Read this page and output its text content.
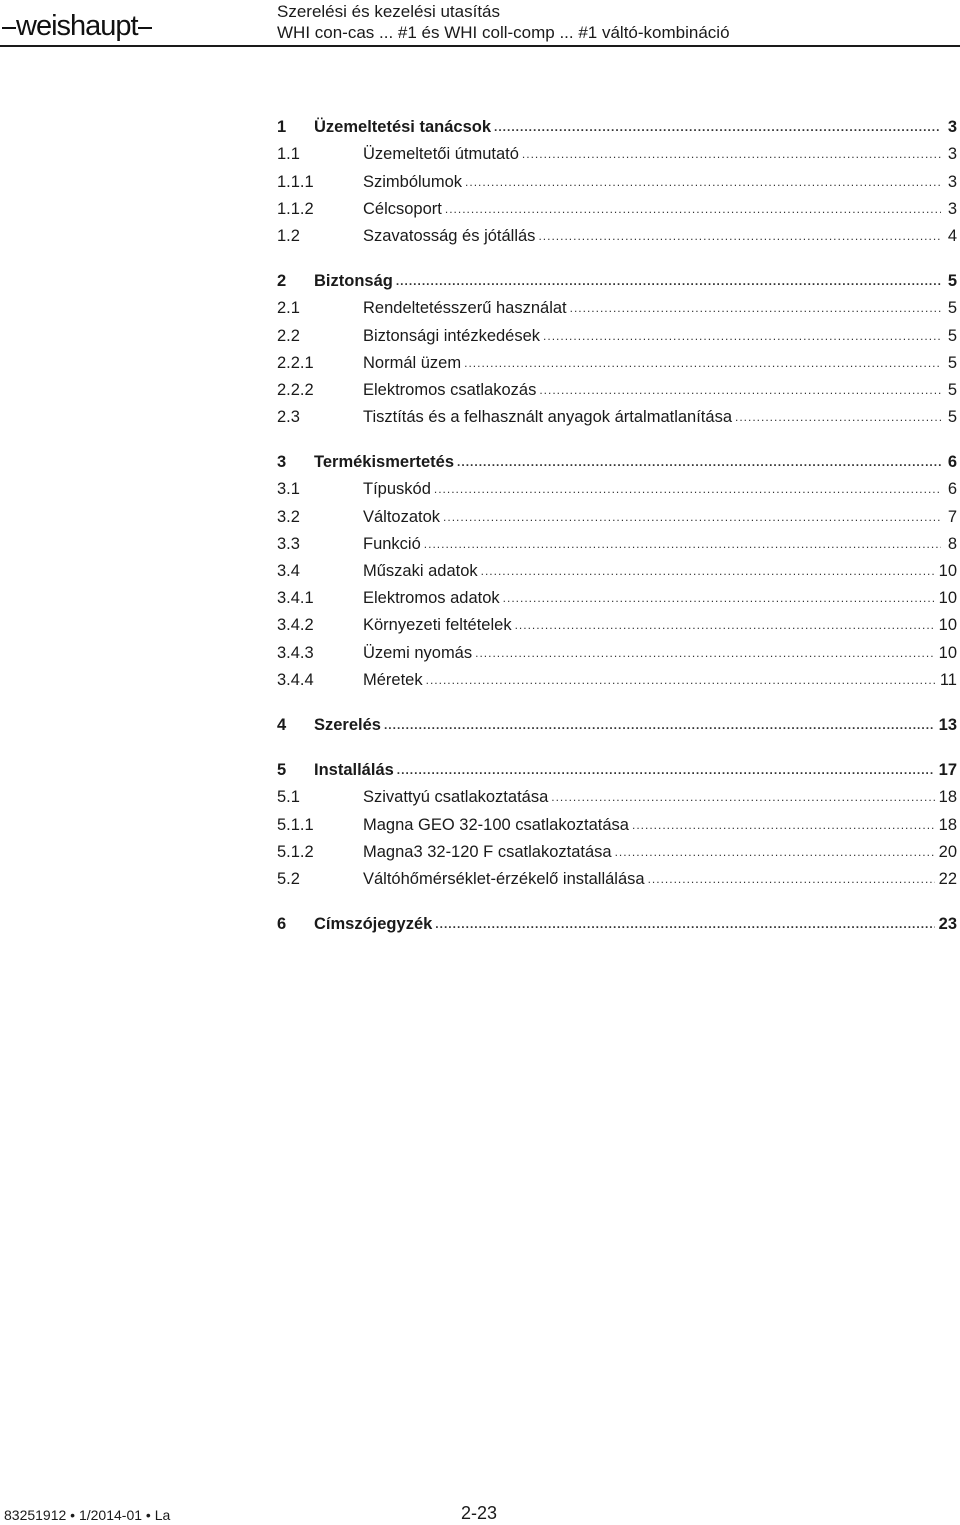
weishaupt	Szerelési és kezelési utasítás
WHI con-cas ... #1 és WHI coll-comp ... #1 váltó-kombináció
1	Üzemeltetési tanácsok .....	3
1.1	Üzemeltetői útmutató .....	3
1.1.1	Szimbólumok .....	3
1.1.2	Célcsoport .....	3
1.2	Szavatosság és jótállás .....	4
2	Biztonság .....	5
2.1	Rendeltetésszerű használat .....	5
2.2	Biztonsági intézkedések .....	5
2.2.1	Normál üzem .....	5
2.2.2	Elektromos csatlakozás .....	5
2.3	Tisztítás és a felhasznált anyagok ártalmatlanítása .....	5
3	Termékismertetés .....	6
3.1	Típuskód .....	6
3.2	Változatok .....	7
3.3	Funkció .....	8
3.4	Műszaki adatok .....	10
3.4.1	Elektromos adatok .....	10
3.4.2	Környezeti feltételek .....	10
3.4.3	Üzemi nyomás .....	10
3.4.4	Méretek .....	11
4	Szerelés .....	13
5	Installálás .....	17
5.1	Szivattyú csatlakoztatása .....	18
5.1.1	Magna GEO 32-100 csatlakoztatása .....	18
5.1.2	Magna3 32-120 F csatlakoztatása .....	20
5.2	Váltóhőmérséklet-érzékelő installálása .....	22
6	Címszójegyzék .....	23
83251912 • 1/2014-01 • La	2-23
